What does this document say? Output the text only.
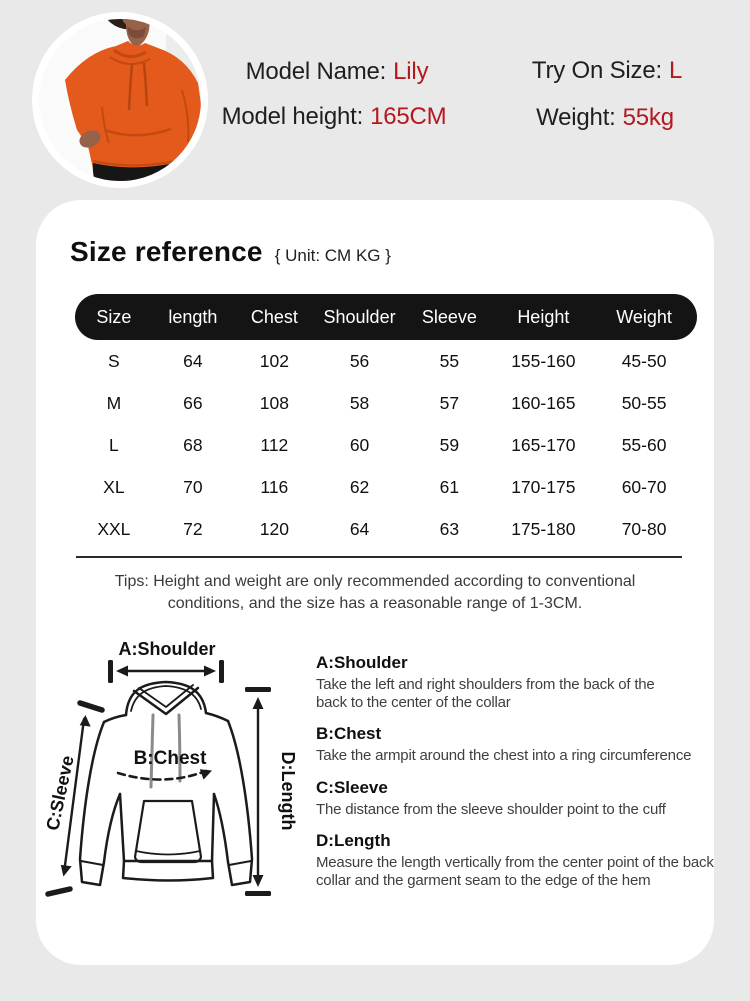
Model Name: Lily	Try On Size: L
Model height: 165CM	Weight: 55kg
Size reference { Unit: CM KG }
Size	length	Chest	Shoulder	Sleeve	Height	Weight
S	64	102	56	55	155-160	45-50
M	66	108	58	57	160-165	50-55
L	68	112	60	59	165-170	55-60
XL	70	116	62	61	170-175	60-70
XXL	72	120	64	63	175-180	70-80
Tips: Height and weight are only recommended according to conventional
conditions, and the size has a reasonable range of 1-3CM.
A:Shoulder
B:Chest
C:Sleeve	D:Length
A:Shoulder

Take the left and right shoulders from the back of the back to the center of the collar

B:Chest

Take the armpit around the chest into a ring circumference

C:Sleeve

The distance from the sleeve shoulder point to the cuff

D:Length

Measure the length vertically from the center point of the back collar and the garment seam to the edge of the hem
